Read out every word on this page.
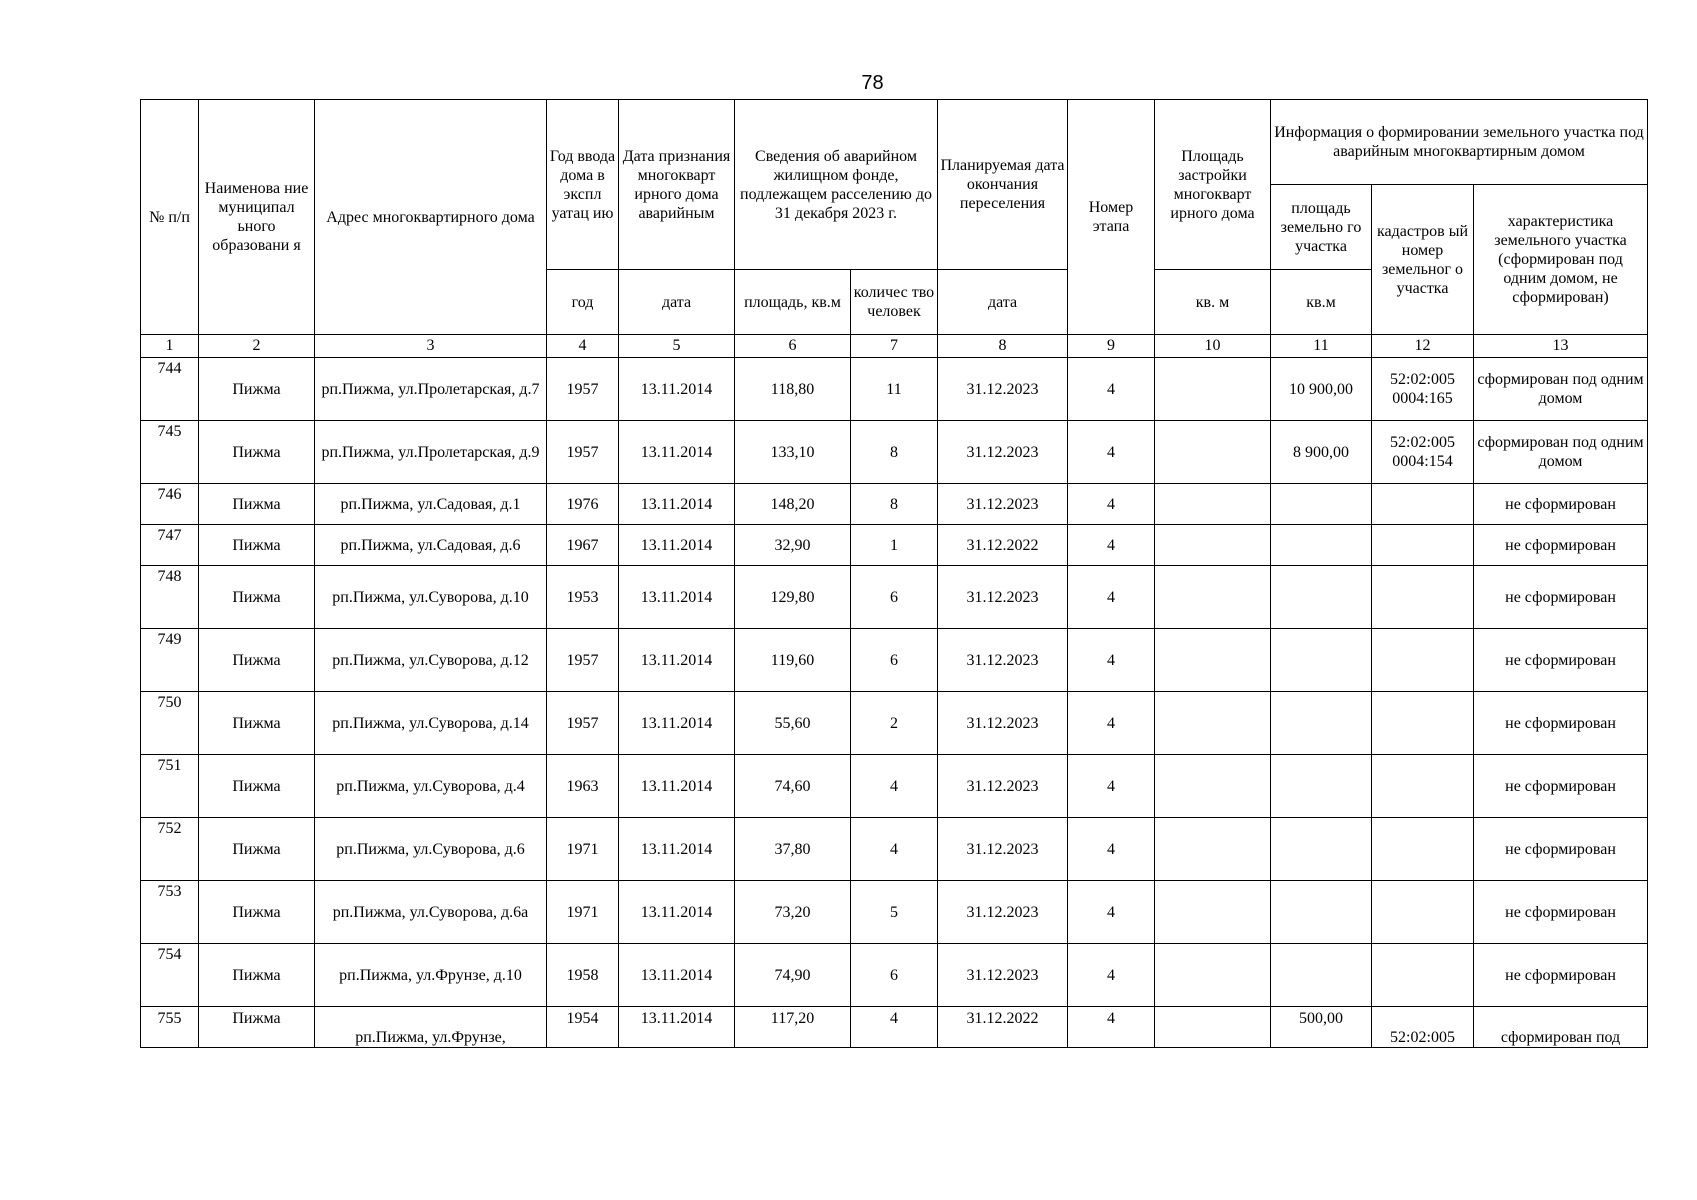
78
№ п/п	Наименова ние муниципал ьного образовани я	Адрес многоквартирного дома	Год ввода дома в экспл уатац ию	Дата признания многокварт ирного дома аварийным	Сведения об аварийном жилищном фонде, подлежащем расселению до 31 декабря 2023 г.		Планируемая дата окончания переселения	Номер этапа	Площадь застройки многокварт ирного дома	Информация о формировании земельного участка под аварийным многоквартирным домом		
										площадь земельно го участка	кадастров ый номер земельног о участка	характеристика земельного участка (сформирован под одним домом, не сформирован)
			год	дата	площадь, кв.м	количес тво человек	дата		кв. м	кв.м		
1	2	3	4	5	6	7	8	9	10	11	12	13
744	Пижма	рп.Пижма, ул.Пролетарская, д.7	1957	13.11.2014	118,80	11	31.12.2023	4		10 900,00	52:02:005 0004:165	сформирован под одним домом
745	Пижма	рп.Пижма, ул.Пролетарская, д.9	1957	13.11.2014	133,10	8	31.12.2023	4		8 900,00	52:02:005 0004:154	сформирован под одним домом
746	Пижма	рп.Пижма, ул.Садовая, д.1	1976	13.11.2014	148,20	8	31.12.2023	4				не сформирован
747	Пижма	рп.Пижма, ул.Садовая, д.6	1967	13.11.2014	32,90	1	31.12.2022	4				не сформирован
748	Пижма	рп.Пижма, ул.Суворова, д.10	1953	13.11.2014	129,80	6	31.12.2023	4				не сформирован
749	Пижма	рп.Пижма, ул.Суворова, д.12	1957	13.11.2014	119,60	6	31.12.2023	4				не сформирован
750	Пижма	рп.Пижма, ул.Суворова, д.14	1957	13.11.2014	55,60	2	31.12.2023	4				не сформирован
751	Пижма	рп.Пижма, ул.Суворова, д.4	1963	13.11.2014	74,60	4	31.12.2023	4				не сформирован
752	Пижма	рп.Пижма, ул.Суворова, д.6	1971	13.11.2014	37,80	4	31.12.2023	4				не сформирован
753	Пижма	рп.Пижма, ул.Суворова, д.6а	1971	13.11.2014	73,20	5	31.12.2023	4				не сформирован
754	Пижма	рп.Пижма, ул.Фрунзе, д.10	1958	13.11.2014	74,90	6	31.12.2023	4				не сформирован
755	Пижма	рп.Пижма, ул.Фрунзе,	1954	13.11.2014	117,20	4	31.12.2022	4		500,00	52:02:005	сформирован под
